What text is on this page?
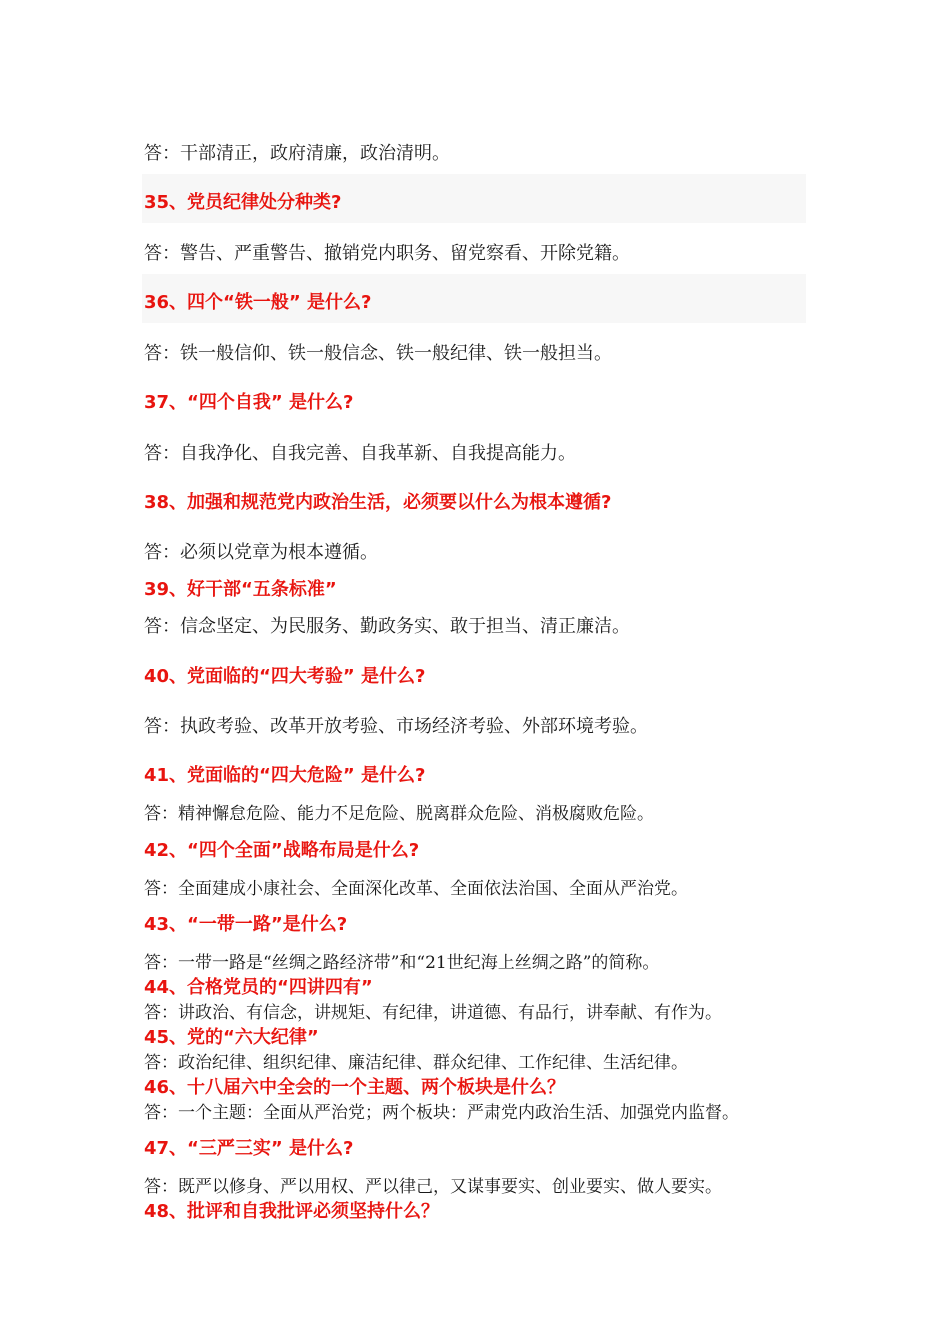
答：干部清正，政府清廉，政治清明。
35、党员纪律处分种类?
答：警告、严重警告、撤销党内职务、留党察看、开除党籍。
36、四个“铁一般” 是什么?
答：铁一般信仰、铁一般信念、铁一般纪律、铁一般担当。
37、“四个自我” 是什么?
答：自我净化、自我完善、自我革新、自我提高能力。
38、加强和规范党内政治生活，必须要以什么为根本遵循?
答：必须以党章为根本遵循。
39、好干部“五条标准”
答：信念坚定、为民服务、勤政务实、敢于担当、清正廉洁。
40、党面临的“四大考验” 是什么?
答：执政考验、改革开放考验、市场经济考验、外部环境考验。
41、党面临的“四大危险” 是什么?
答：精神懈怠危险、能力不足危险、脱离群众危险、消极腐败危险。
42、“四个全面”战略布局是什么?
答：全面建成小康社会、全面深化改革、全面依法治国、全面从严治党。
43、“一带一路”是什么?
答：一带一路是“丝绸之路经济带”和“21世纪海上丝绸之路”的简称。
44、合格党员的“四讲四有”
答：讲政治、有信念，讲规矩、有纪律，讲道德、有品行，讲奉献、有作为。
45、党的“六大纪律”
答：政治纪律、组织纪律、廉洁纪律、群众纪律、工作纪律、生活纪律。
46、十八届六中全会的一个主题、两个板块是什么？
答：一个主题：全面从严治党；两个板块：严肃党内政治生活、加强党内监督。
47、“三严三实” 是什么?
答：既严以修身、严以用权、严以律己，又谋事要实、创业要实、做人要实。
48、批评和自我批评必须坚持什么？
